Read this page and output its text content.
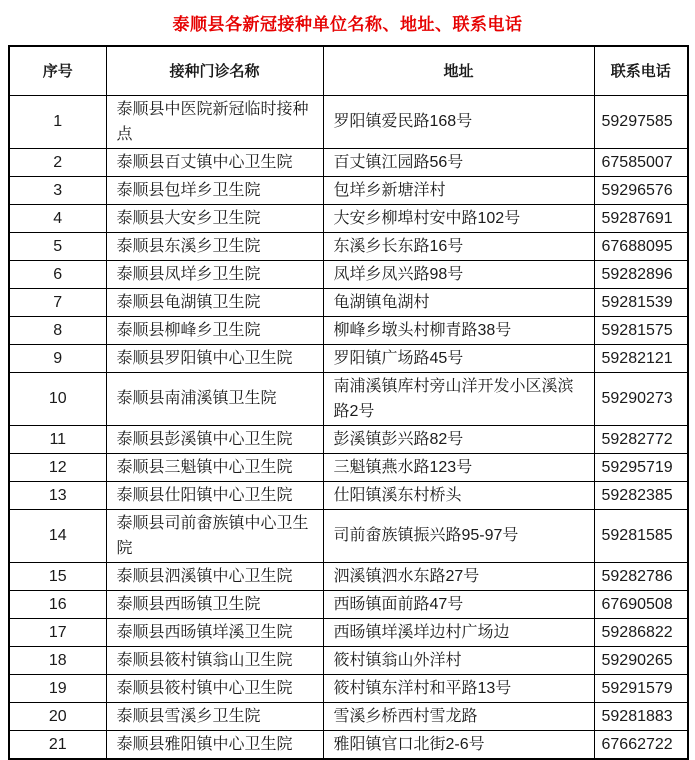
泰顺县各新冠接种单位名称、地址、联系电话
序号	接种门诊名称	地址	联系电话
1	泰顺县中医院新冠临时接种点	罗阳镇爱民路168号	59297585
2	泰顺县百丈镇中心卫生院	百丈镇江园路56号	67585007
3	泰顺县包垟乡卫生院	包垟乡新塘洋村	59296576
4	泰顺县大安乡卫生院	大安乡柳埠村安中路102号	59287691
5	泰顺县东溪乡卫生院	东溪乡长东路16号	67688095
6	泰顺县凤垟乡卫生院	凤垟乡凤兴路98号	59282896
7	泰顺县龟湖镇卫生院	龟湖镇龟湖村	59281539
8	泰顺县柳峰乡卫生院	柳峰乡墩头村柳青路38号	59281575
9	泰顺县罗阳镇中心卫生院	罗阳镇广场路45号	59282121
10	泰顺县南浦溪镇卫生院	南浦溪镇库村旁山洋开发小区溪滨路2号	59290273
11	泰顺县彭溪镇中心卫生院	彭溪镇彭兴路82号	59282772
12	泰顺县三魁镇中心卫生院	三魁镇燕水路123号	59295719
13	泰顺县仕阳镇中心卫生院	仕阳镇溪东村桥头	59282385
14	泰顺县司前畲族镇中心卫生院	司前畲族镇振兴路95-97号	59281585
15	泰顺县泗溪镇中心卫生院	泗溪镇泗水东路27号	59282786
16	泰顺县西旸镇卫生院	西旸镇面前路47号	67690508
17	泰顺县西旸镇垟溪卫生院	西旸镇垟溪垟边村广场边	59286822
18	泰顺县筱村镇翁山卫生院	筱村镇翁山外洋村	59290265
19	泰顺县筱村镇中心卫生院	筱村镇东洋村和平路13号	59291579
20	泰顺县雪溪乡卫生院	雪溪乡桥西村雪龙路	59281883
21	泰顺县雅阳镇中心卫生院	雅阳镇官口北街2-6号	67662722
